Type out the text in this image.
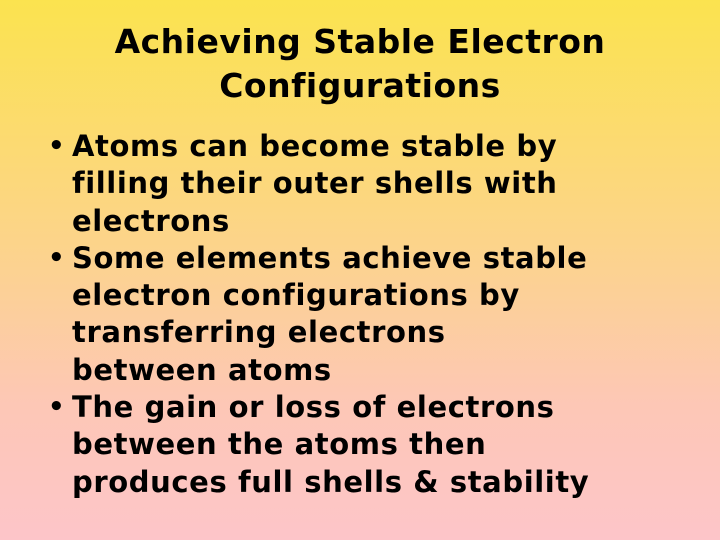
Achieving Stable Electron
Configurations
• Atoms can become stable by
filling their outer shells with
electrons
• Some elements achieve stable
electron configurations by
transferring electrons
between atoms
• The gain or loss of electrons
between the atoms then
produces full shells & stability
